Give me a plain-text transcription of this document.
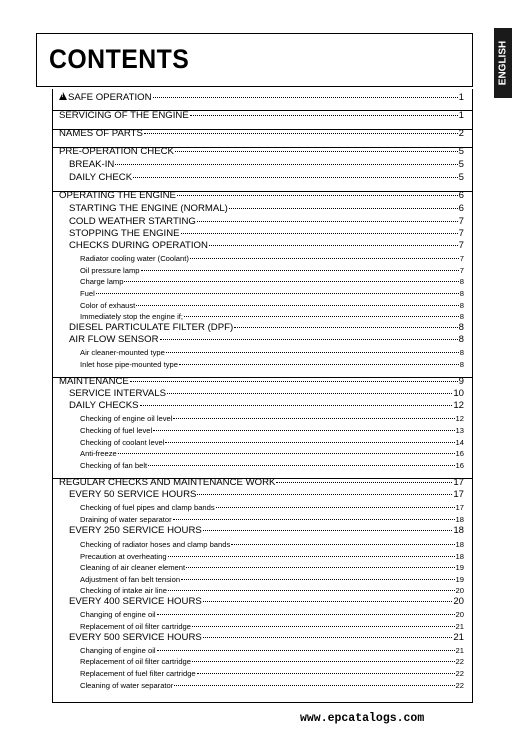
CONTENTS	ENGLISH
!SAFE OPERATION	1
SERVICING OF THE ENGINE	1
NAMES OF PARTS	2
PRE-OPERATION CHECK	5
BREAK-IN	5
DAILY CHECK	5
OPERATING THE ENGINE	6
STARTING THE ENGINE (NORMAL)	6
COLD WEATHER STARTING	7
STOPPING THE ENGINE	7
CHECKS DURING OPERATION	7
Radiator cooling water (Coolant)	7
Oil pressure lamp	7
Charge lamp	8
Fuel	8
Color of exhaust	8
Immediately stop the engine if;	8
DIESEL PARTICULATE FILTER (DPF)	8
AIR FLOW SENSOR	8
Air cleaner-mounted type	8
Inlet hose pipe-mounted type	8
MAINTENANCE	9
SERVICE INTERVALS	10
DAILY CHECKS	12
Checking of engine oil level	12
Checking of fuel level	13
Checking of coolant level	14
Anti-freeze	16
Checking of fan belt	16
REGULAR CHECKS AND MAINTENANCE WORK	17
EVERY 50 SERVICE HOURS	17
Checking of fuel pipes and clamp bands	17
Draining of water separator	18
EVERY 250 SERVICE HOURS	18
Checking of radiator hoses and clamp bands	18
Precaution at overheating	18
Cleaning of air cleaner element	19
Adjustment of fan belt tension	19
Checking of intake air line	20
EVERY 400 SERVICE HOURS	20
Changing of engine oil	20
Replacement of oil filter cartridge	21
EVERY 500 SERVICE HOURS	21
Changing of engine oil	21
Replacement of oil filter cartridge	22
Replacement of fuel filter cartridge	22
Cleaning of water separator	22
www.epcatalogs.com
